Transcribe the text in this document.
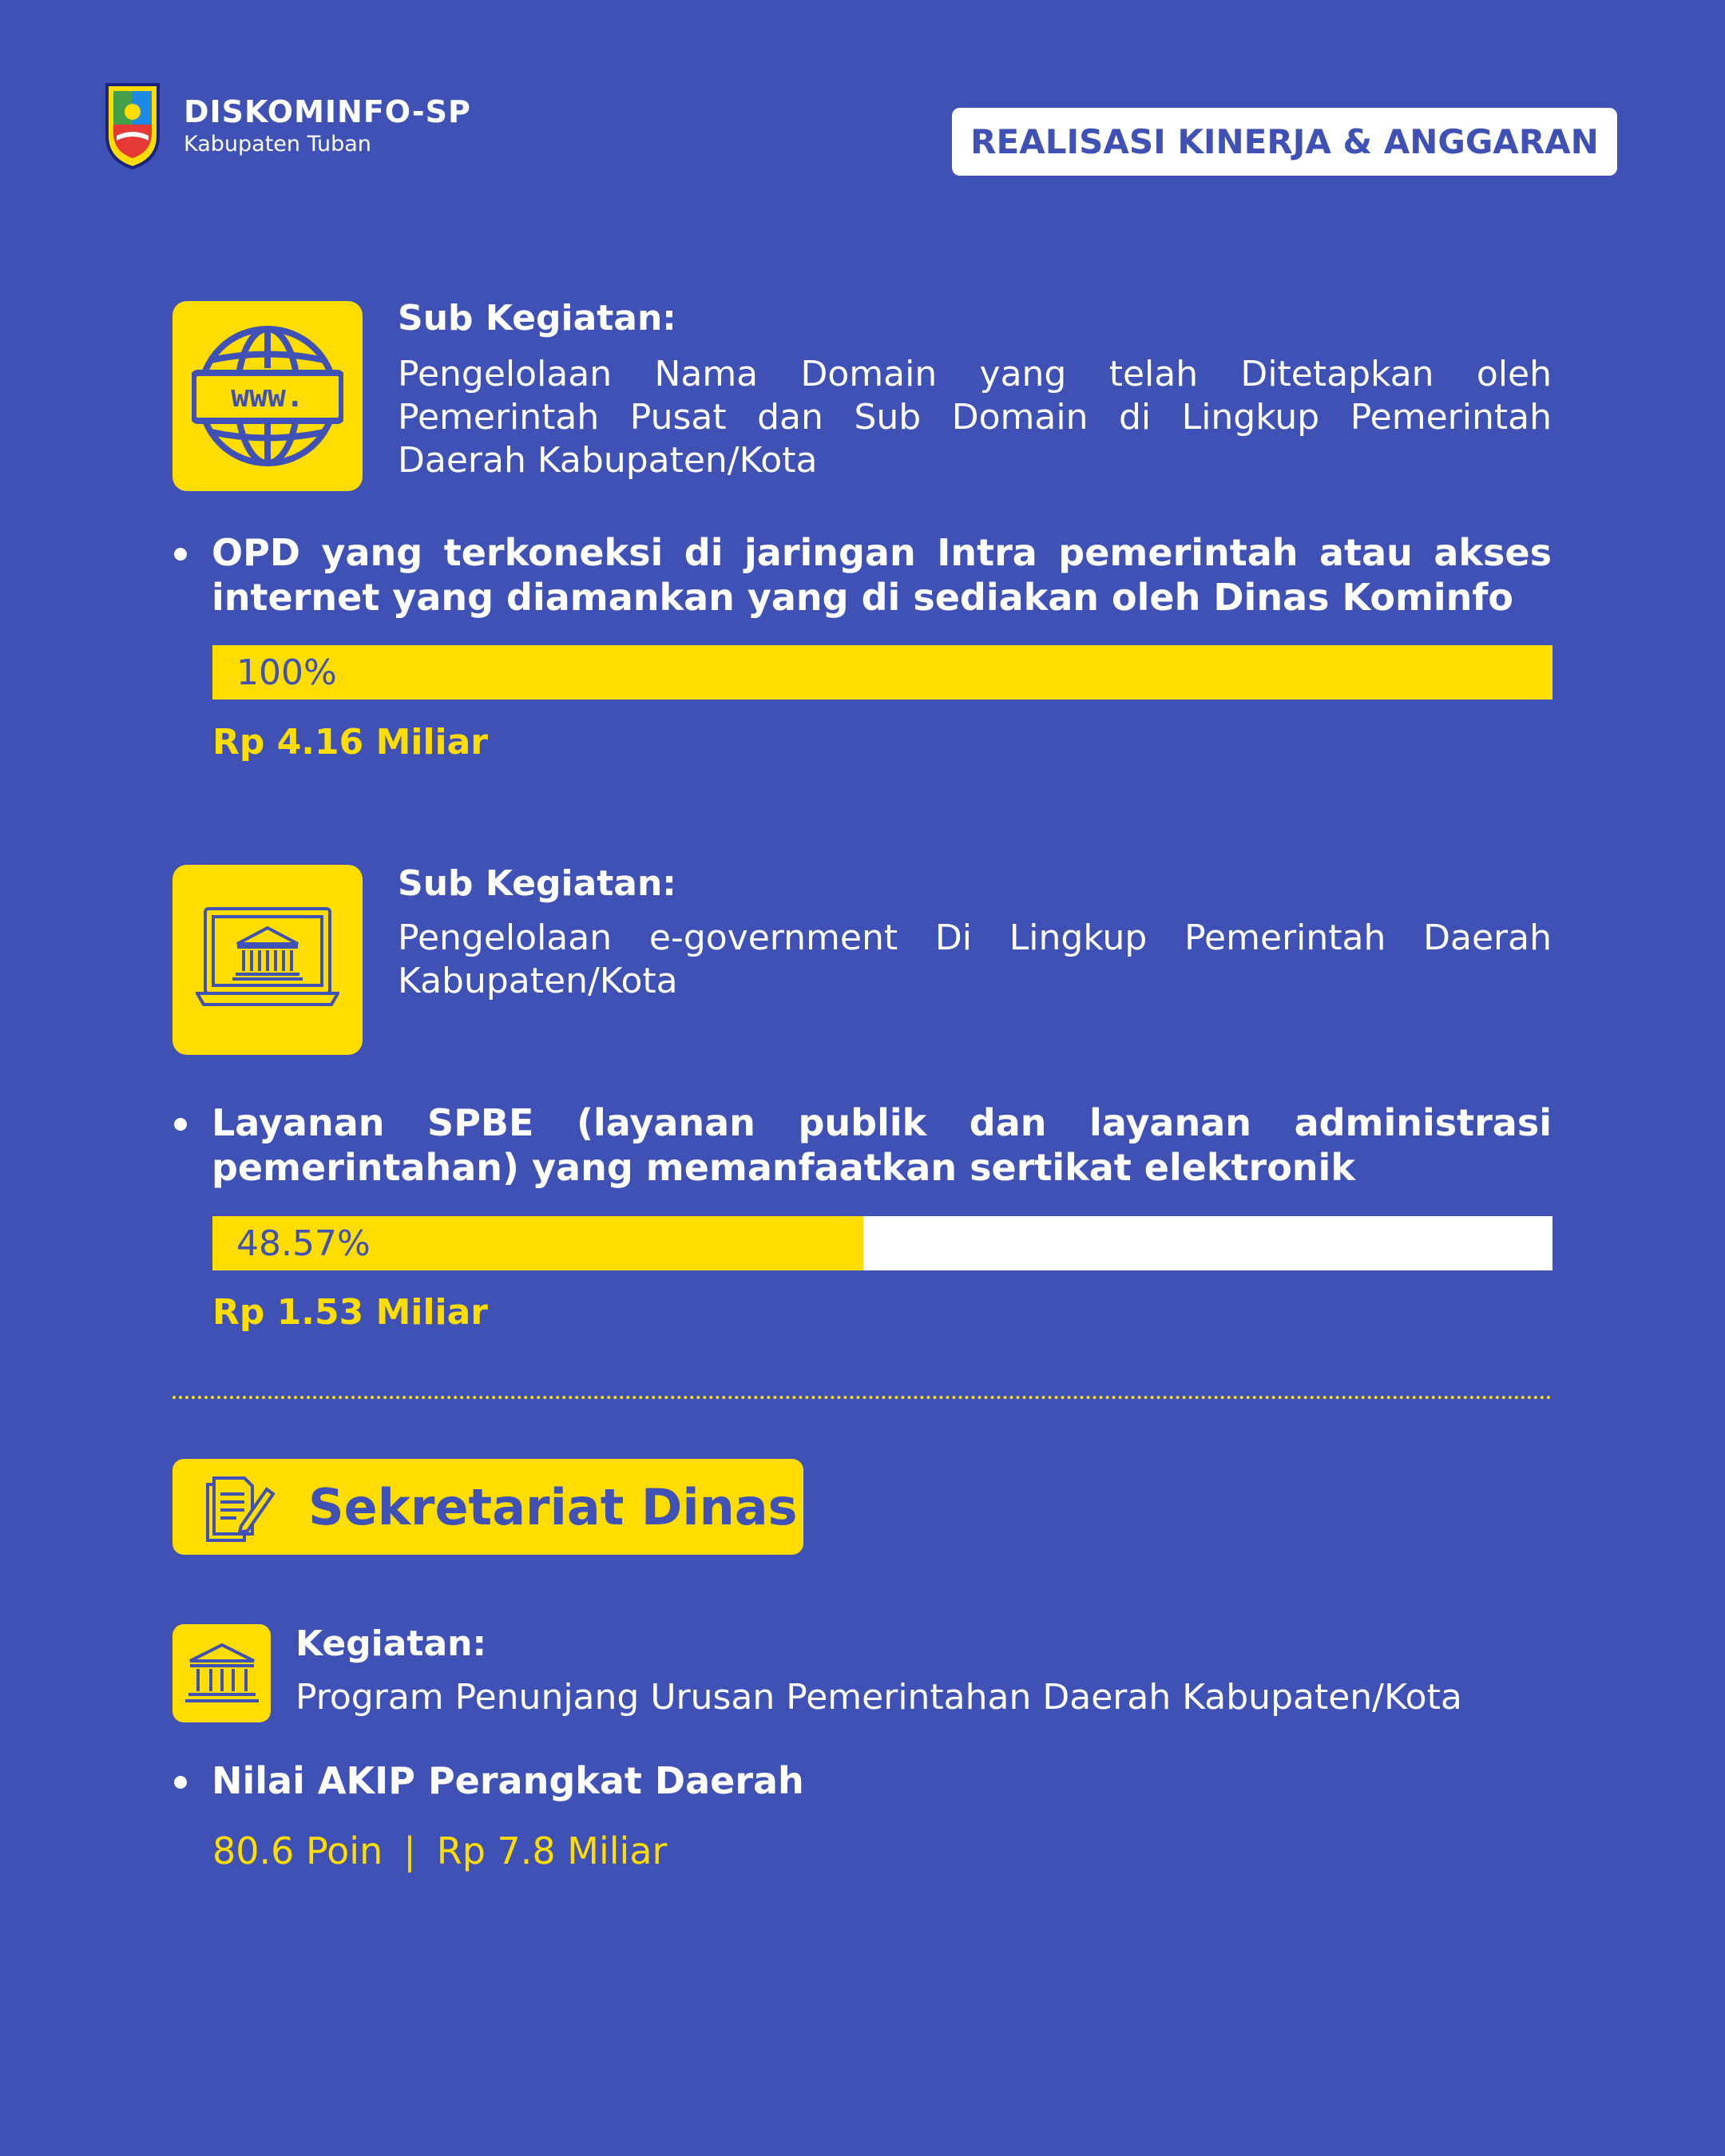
DISKOMINFO-SP
Kabupaten Tuban	REALISASI KINERJA & ANGGARAN
www.
Sub Kegiatan:
Pengelolaan Nama Domain yang telah Ditetapkan oleh Pemerintah Pusat dan Sub Domain di Lingkup Pemerintah Daerah Kabupaten/Kota
OPD yang terkoneksi di jaringan Intra pemerintah atau akses internet yang diamankan yang di sediakan oleh Dinas Kominfo
100%
Rp 4.16 Miliar
Sub Kegiatan:
Pengelolaan e-government Di Lingkup Pemerintah Daerah Kabupaten/Kota
Layanan SPBE (layanan publik dan layanan administrasi pemerintahan) yang memanfaatkan sertikat elektronik
48.57%
Rp 1.53 Miliar
Sekretariat Dinas
Kegiatan:
Program Penunjang Urusan Pemerintahan Daerah Kabupaten/Kota
Nilai AKIP Perangkat Daerah
80.6 Poin | Rp 7.8 Miliar
